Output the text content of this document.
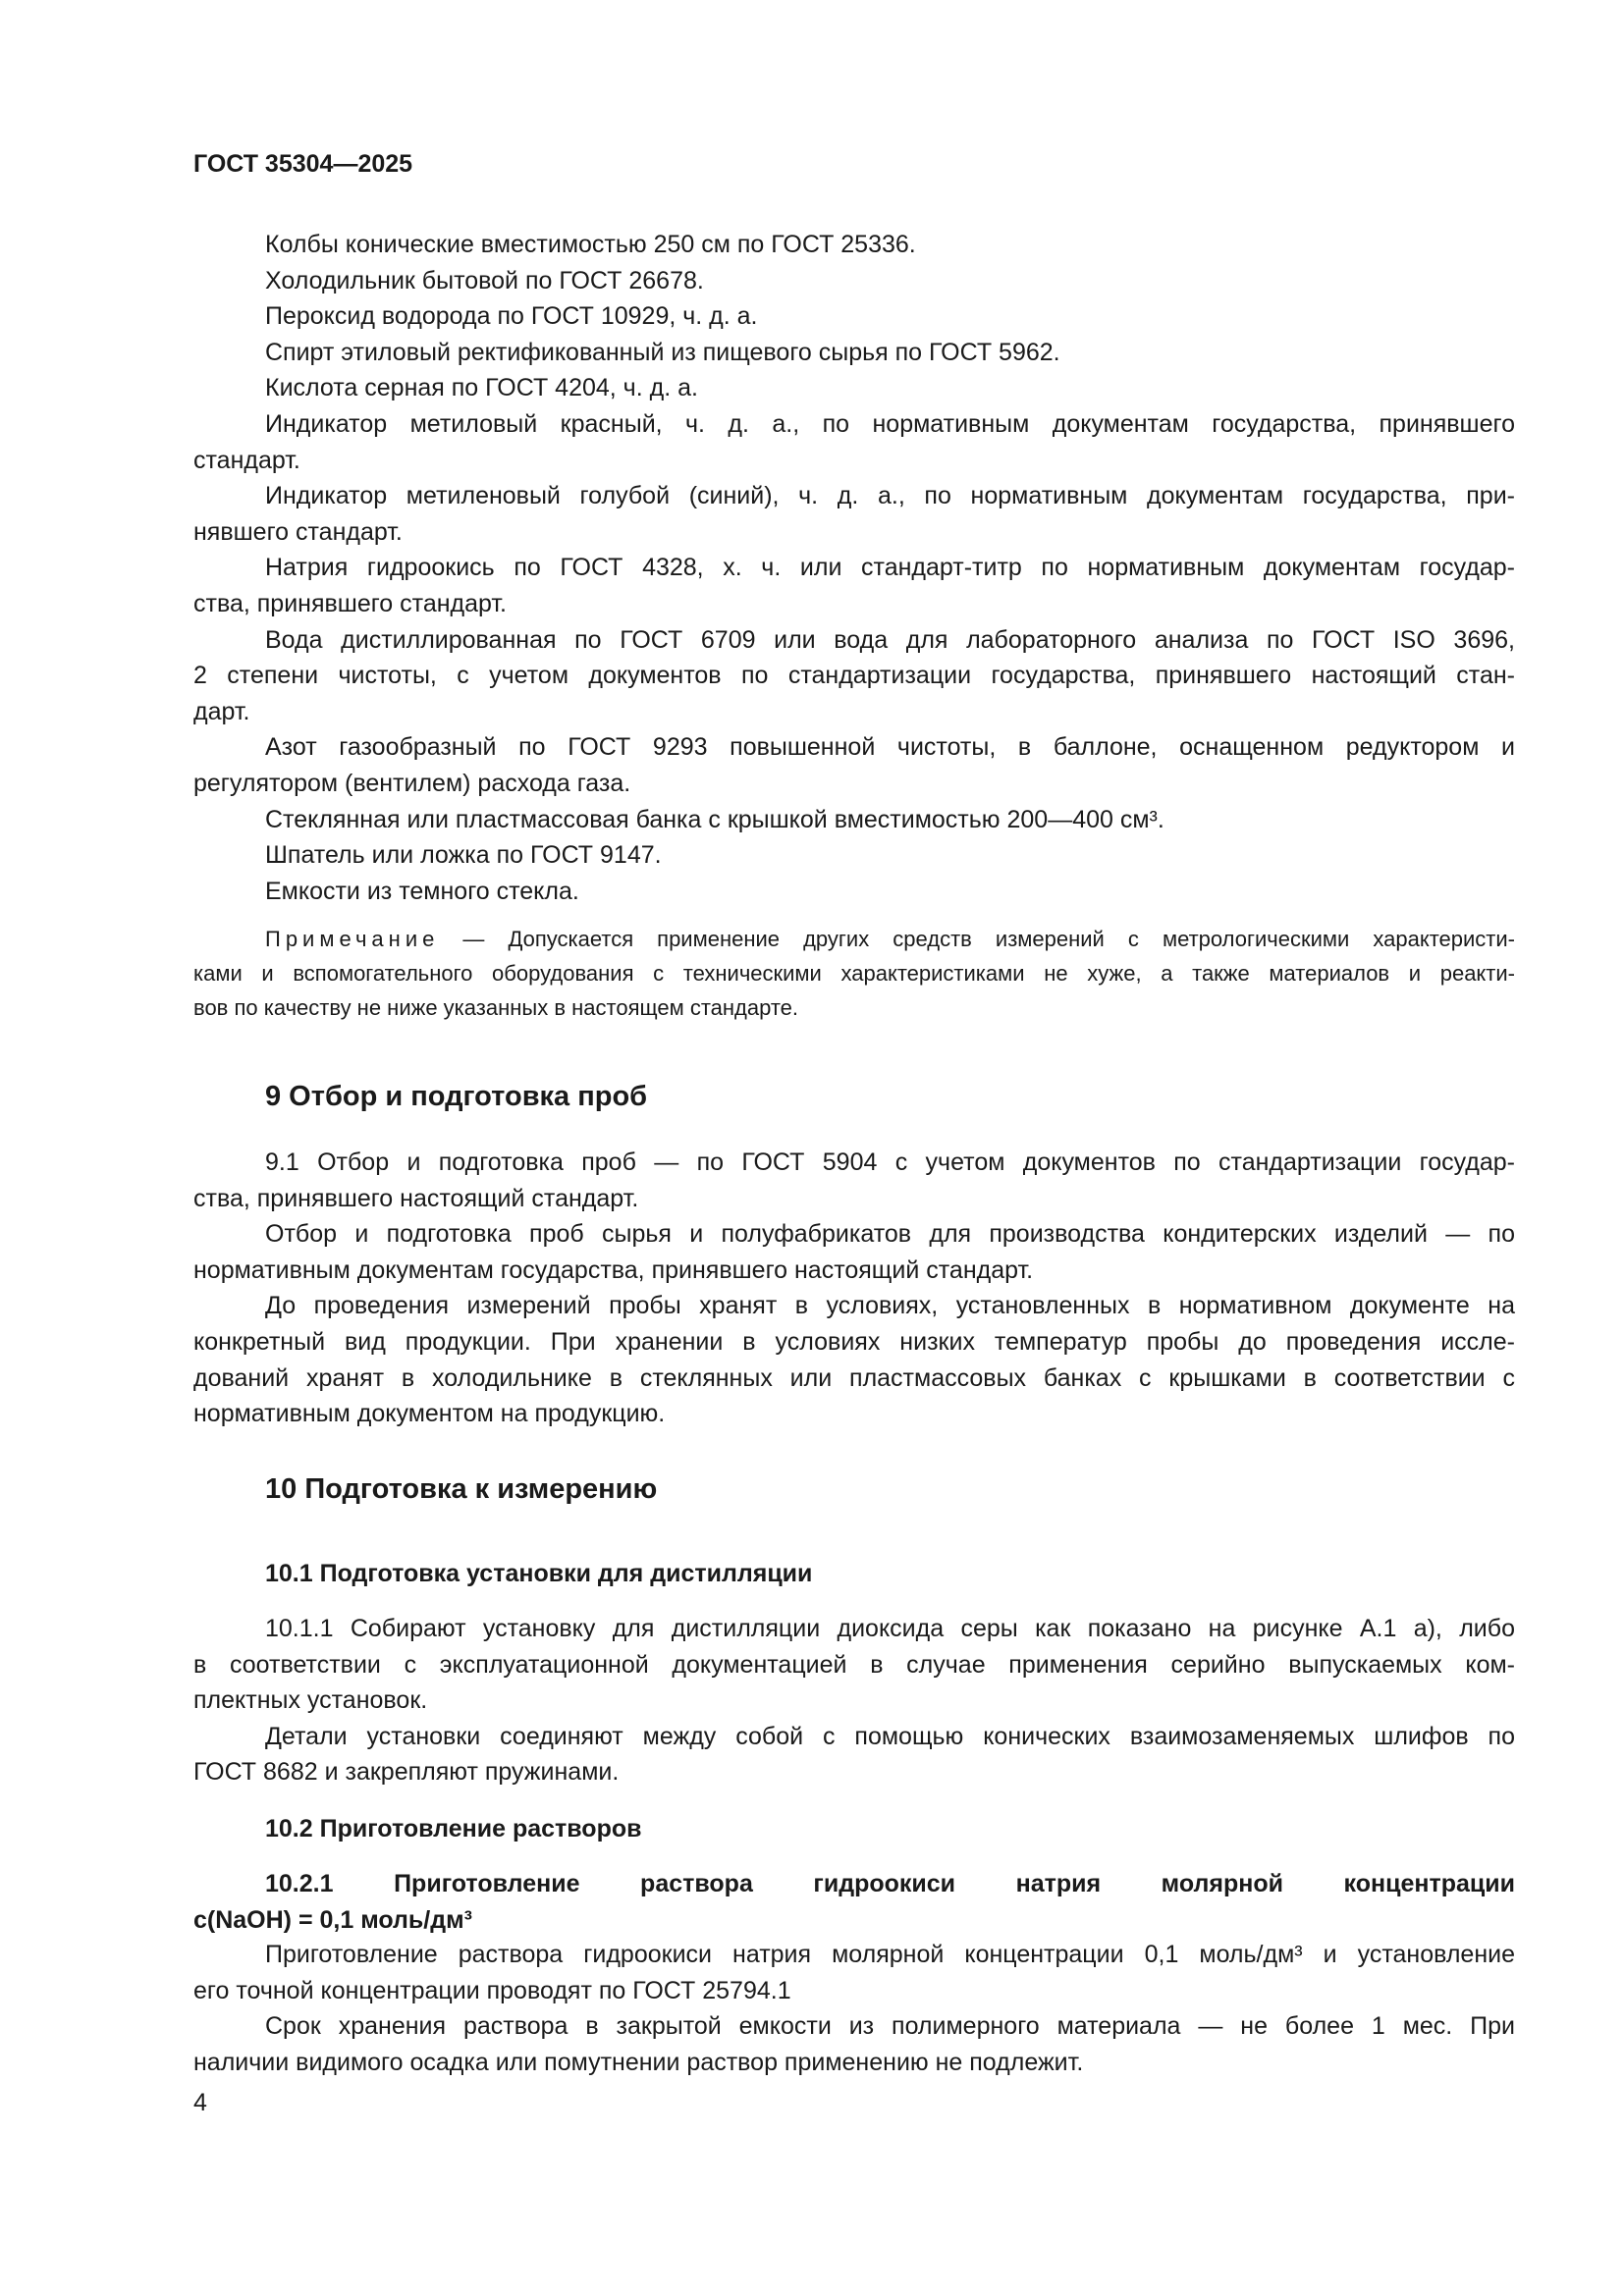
ГОСТ 35304—2025
Колбы конические вместимостью 250 см по ГОСТ 25336.
Холодильник бытовой по ГОСТ 26678.
Пероксид водорода по ГОСТ 10929, ч. д. а.
Спирт этиловый ректификованный из пищевого сырья по ГОСТ 5962.
Кислота серная по ГОСТ 4204, ч. д. а.
Индикатор метиловый красный, ч. д. а., по нормативным документам государства, принявшего
стандарт.
Индикатор метиленовый голубой (синий), ч. д. а., по нормативным документам государства, при-
нявшего стандарт.
Натрия гидроокись по ГОСТ 4328, х. ч. или стандарт-титр по нормативным документам государ-
ства, принявшего стандарт.
Вода дистиллированная по ГОСТ 6709 или вода для лабораторного анализа по ГОСТ ISO 3696,
2 степени чистоты, с учетом документов по стандартизации государства, принявшего настоящий стан-
дарт.
Азот газообразный по ГОСТ 9293 повышенной чистоты, в баллоне, оснащенном редуктором и
регулятором (вентилем) расхода газа.
Стеклянная или пластмассовая банка с крышкой вместимостью 200—400 см³.
Шпатель или ложка по ГОСТ 9147.
Емкости из темного стекла.
Примечание — Допускается применение других средств измерений с метрологическими характеристи-
ками и вспомогательного оборудования с техническими характеристиками не хуже, а также материалов и реакти-
вов по качеству не ниже указанных в настоящем стандарте.
9 Отбор и подготовка проб
9.1 Отбор и подготовка проб — по ГОСТ 5904 с учетом документов по стандартизации государ-
ства, принявшего настоящий стандарт.
Отбор и подготовка проб сырья и полуфабрикатов для производства кондитерских изделий — по
нормативным документам государства, принявшего настоящий стандарт.
До проведения измерений пробы хранят в условиях, установленных в нормативном документе на
конкретный вид продукции. При хранении в условиях низких температур пробы до проведения иссле-
дований хранят в холодильнике в стеклянных или пластмассовых банках с крышками в соответствии с
нормативным документом на продукцию.
10 Подготовка к измерению
10.1 Подготовка установки для дистилляции
10.1.1 Собирают установку для дистилляции диоксида серы как показано на рисунке А.1 а), либо
в соответствии с эксплуатационной документацией в случае применения серийно выпускаемых ком-
плектных установок.
Детали установки соединяют между собой с помощью конических взаимозаменяемых шлифов по
ГОСТ 8682 и закрепляют пружинами.
10.2 Приготовление растворов
10.2.1 Приготовление раствора гидроокиси натрия молярной концентрации
c(NaOH) = 0,1 моль/дм³
Приготовление раствора гидроокиси натрия молярной концентрации 0,1 моль/дм³ и установление
его точной концентрации проводят по ГОСТ 25794.1
Срок хранения раствора в закрытой емкости из полимерного материала — не более 1 мес. При
наличии видимого осадка или помутнении раствор применению не подлежит.
4
